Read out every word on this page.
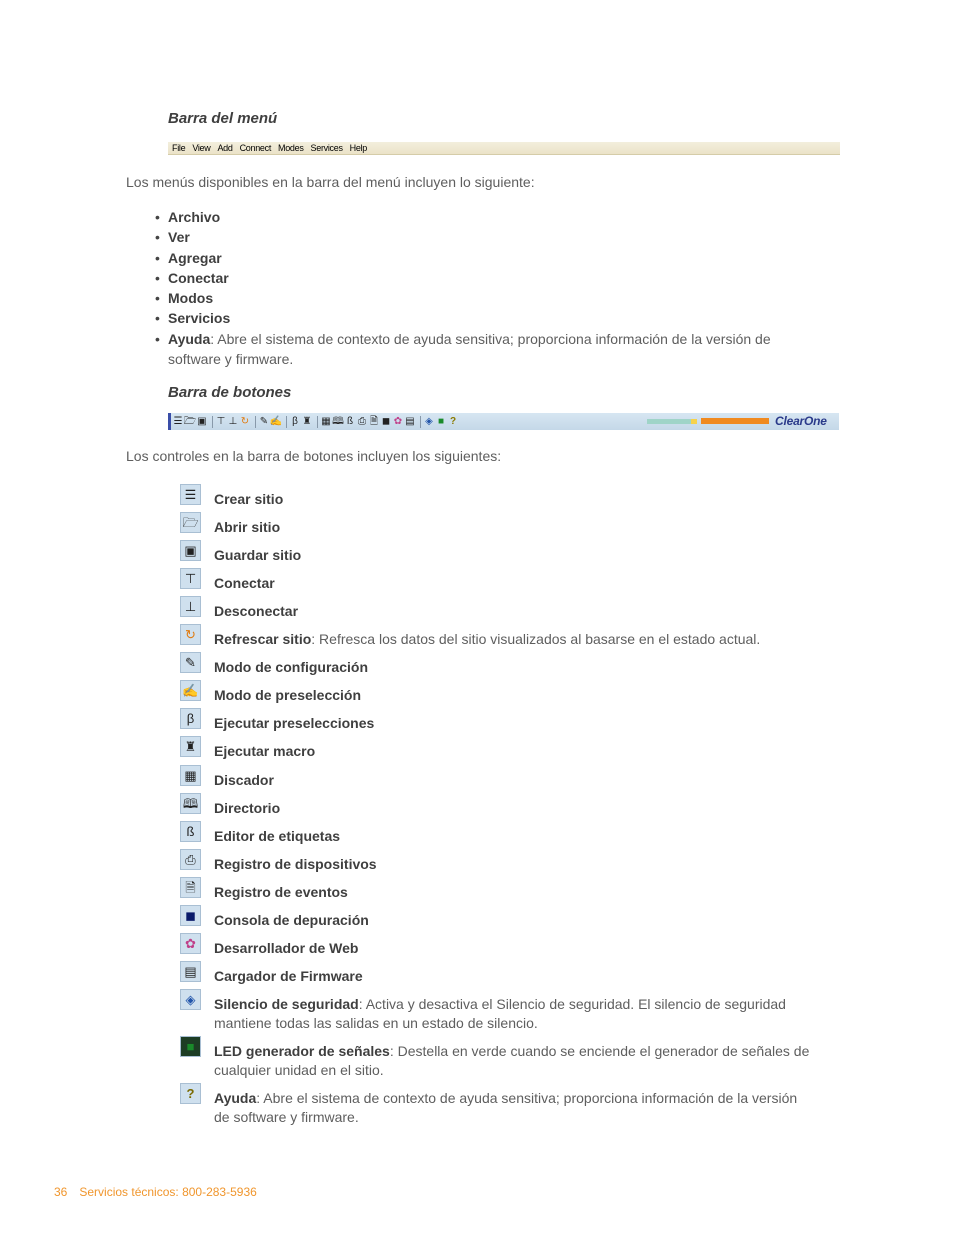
Barra del menú
File View Add Connect Modes Services Help
Los menús disponibles en la barra del menú incluyen lo siguiente:
• Archivo
• Ver
• Agregar
• Conectar
• Modos
• Servicios
• Ayuda: Abre el sistema de contexto de ayuda sensitiva; proporciona información de la versión de software y firmware.
Barra de botones
☰ 🗁 ▣ ⊤ ⊥ ↻ ✎ ✍ β ♜ ▦ 🕮 ß ⎙ 🗎 ◼ ✿ ▤ ◈ ■ ?	ClearOne
Los controles en la barra de botones incluyen los siguientes:
☰	Crear sitio
🗁 Abrir sitio
▣	Guardar sitio
⊤	Conectar
⊥	Desconectar
↻	Refrescar sitio: Refresca los datos del sitio visualizados al basarse en el estado actual.
✎	Modo de configuración
✍ Modo de preselección
β	Ejecutar preselecciones
♜	Ejecutar macro
▦	Discador
🕮 Directorio
ß	Editor de etiquetas
⎙	Registro de dispositivos
🗎	Registro de eventos
◼	Consola de depuración
✿	Desarrollador de Web
▤	Cargador de Firmware
◈	Silencio de seguridad: Activa y desactiva el Silencio de seguridad. El silencio de seguridad mantiene todas las salidas en un estado de silencio.
■	LED generador de señales: Destella en verde cuando se enciende el generador de señales de cualquier unidad en el sitio.
?	Ayuda: Abre el sistema de contexto de ayuda sensitiva; proporciona información de la versión de software y firmware.
36 Servicios técnicos: 800-283-5936
